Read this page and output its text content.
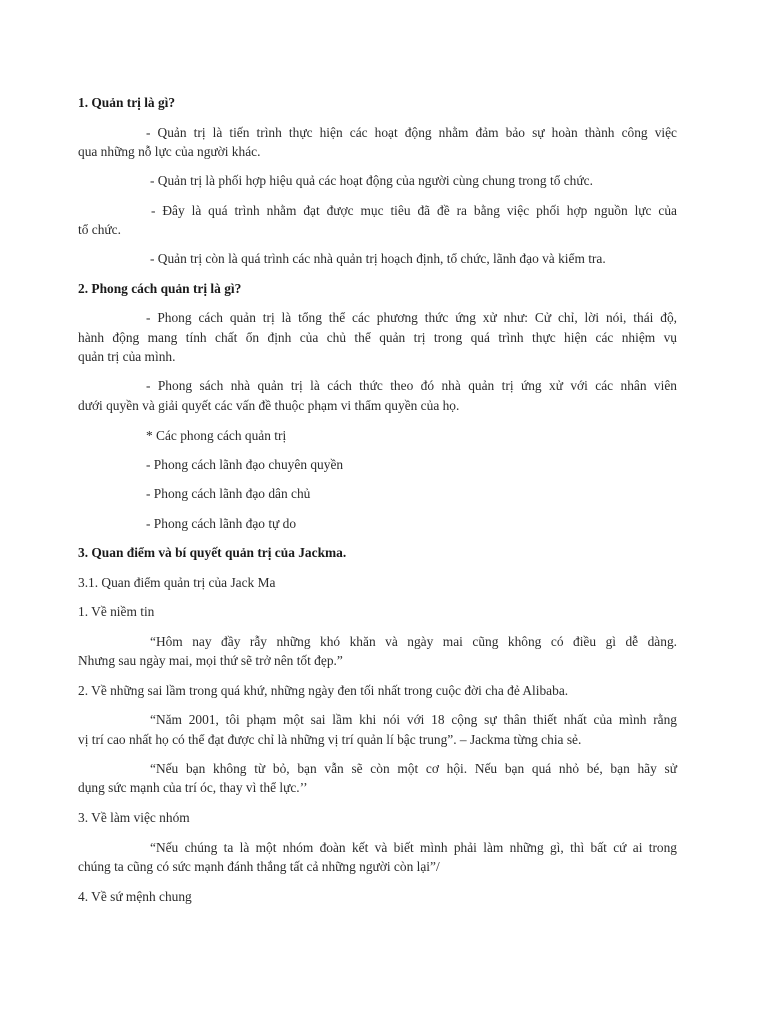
1. Quản trị là gì?

- Quản trị là tiến trình thực hiện các hoạt động nhằm đảm bảo sự hoàn thành công việc

qua những nỗ lực của người khác.

- Quản trị là phối hợp hiệu quả các hoạt động của người cùng chung trong tổ chức.

- Đây là quá trình nhằm đạt được mục tiêu đã đề ra bằng việc phối hợp nguồn lực của

tổ chức.

- Quản trị còn là quá trình các nhà quản trị hoạch định, tổ chức, lãnh đạo và kiểm tra.

2. Phong cách quản trị là gì?

- Phong cách quản trị là tổng thể các phương thức ứng xử như: Cử chỉ, lời nói, thái độ,

hành động mang tính chất ổn định của chủ thể quản trị trong quá trình thực hiện các nhiệm vụ

quản trị của mình.

- Phong sách nhà quản trị là cách thức theo đó nhà quản trị ứng xử với các nhân viên

dưới quyền và giải quyết các vấn đề thuộc phạm vi thẩm quyền của họ.

* Các phong cách quản trị

- Phong cách lãnh đạo chuyên quyền

- Phong cách lãnh đạo dân chủ

- Phong cách lãnh đạo tự do

3. Quan điểm và bí quyết quản trị của Jackma.

3.1. Quan điểm quản trị của Jack Ma

1. Về niềm tin

“Hôm nay đầy rẫy những khó khăn và ngày mai cũng không có điều gì dễ dàng.

Nhưng sau ngày mai, mọi thứ sẽ trở nên tốt đẹp.”

2. Về những sai lầm trong quá khứ, những ngày đen tối nhất trong cuộc đời cha đẻ Alibaba.

“Năm 2001, tôi phạm một sai lầm khi nói với 18 cộng sự thân thiết nhất của mình rằng

vị trí cao nhất họ có thể đạt được chỉ là những vị trí quản lí bậc trung”. – Jackma từng chia sẻ.

“Nếu bạn không từ bỏ, bạn vẫn sẽ còn một cơ hội. Nếu bạn quá nhỏ bé, bạn hãy sử

dụng sức mạnh của trí óc, thay vì thể lực.’’

3. Về làm việc nhóm

“Nếu chúng ta là một nhóm đoàn kết và biết mình phải làm những gì, thì bất cứ ai trong

chúng ta cũng có sức mạnh đánh thắng tất cả những người còn lại”/

4. Về sứ mệnh chung
